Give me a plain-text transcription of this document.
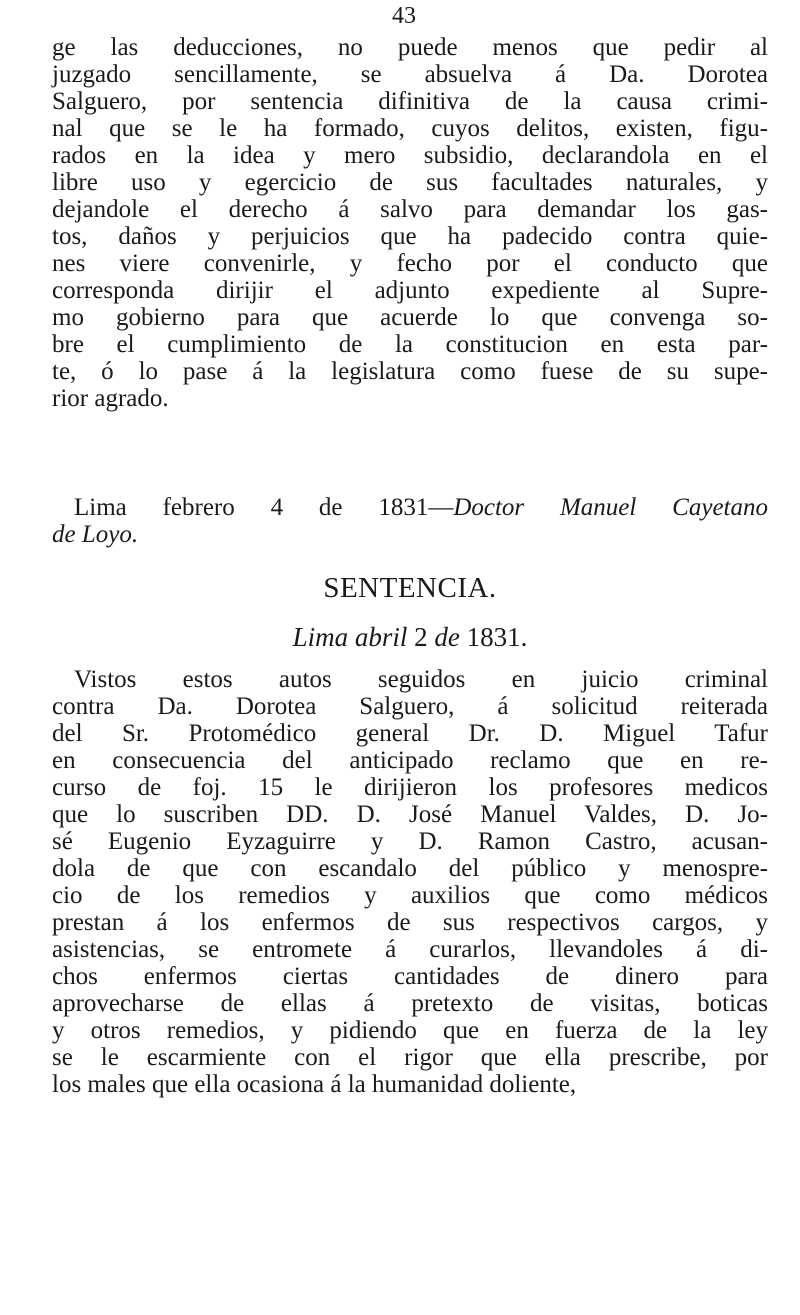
43
ge las deducciones, no puede menos que pedir al
juzgado sencillamente, se absuelva á Da. Dorotea
Salguero, por sentencia difinitiva de la causa crimi-
nal que se le ha formado, cuyos delitos, existen, figu-
rados en la idea y mero subsidio, declarandola en el
libre uso y egercicio de sus facultades naturales, y
dejandole el derecho á salvo para demandar los gas-
tos, daños y perjuicios que ha padecido contra quie-
nes viere convenirle, y fecho por el conducto que
corresponda dirijir el adjunto expediente al Supre-
mo gobierno para que acuerde lo que convenga so-
bre el cumplimiento de la constitucion en esta par-
te, ó lo pase á la legislatura como fuese de su supe-
rior agrado.
Lima febrero 4 de 1831—Doctor Manuel Cayetano
de Loyo.
SENTENCIA.
Lima abril 2 de 1831.
Vistos estos autos seguidos en juicio criminal
contra Da. Dorotea Salguero, á solicitud reiterada
del Sr. Protomédico general Dr. D. Miguel Tafur
en consecuencia del anticipado reclamo que en re-
curso de foj. 15 le dirijieron los profesores medicos
que lo suscriben DD. D. José Manuel Valdes, D. Jo-
sé Eugenio Eyzaguirre y D. Ramon Castro, acusan-
dola de que con escandalo del público y menospre-
cio de los remedios y auxilios que como médicos
prestan á los enfermos de sus respectivos cargos, y
asistencias, se entromete á curarlos, llevandoles á di-
chos enfermos ciertas cantidades de dinero para
aprovecharse de ellas á pretexto de visitas, boticas
y otros remedios, y pidiendo que en fuerza de la ley
se le escarmiente con el rigor que ella prescribe, por
los males que ella ocasiona á la humanidad doliente,
